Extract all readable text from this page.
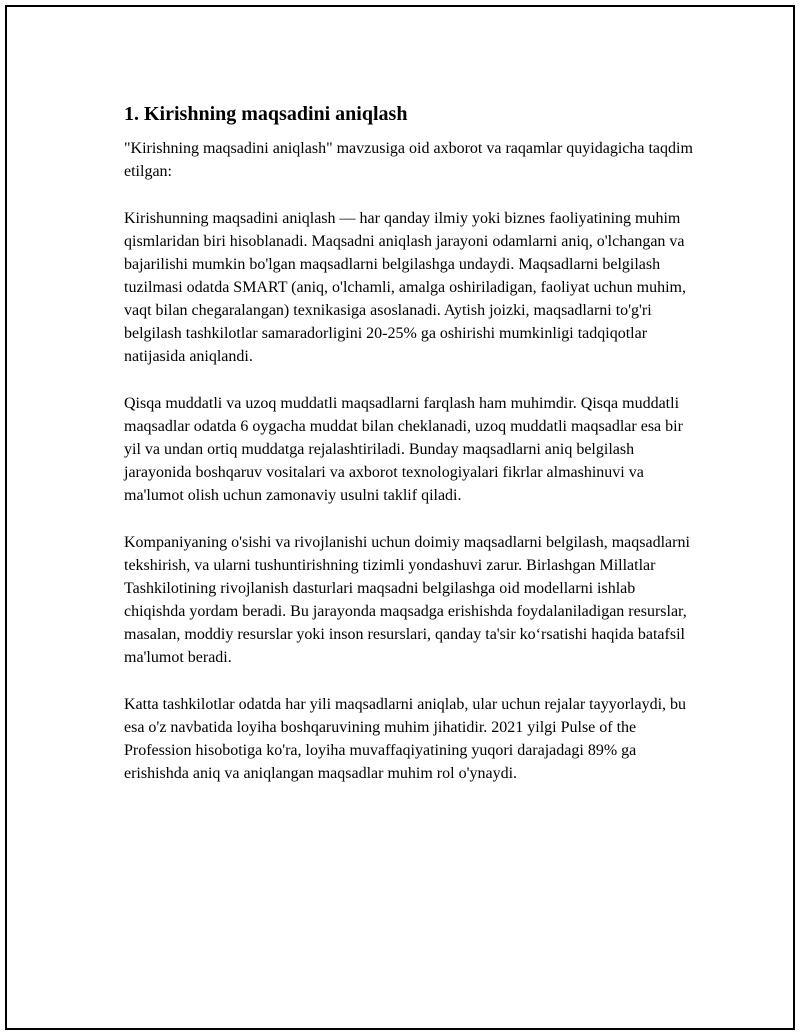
1. Kirishning maqsadini aniqlash

"Kirishning maqsadini aniqlash" mavzusiga oid axborot va raqamlar quyidagicha taqdim etilgan:

Kirishunning maqsadini aniqlash — har qanday ilmiy yoki biznes faoliyatining muhim qismlaridan biri hisoblanadi. Maqsadni aniqlash jarayoni odamlarni aniq, o'lchangan va bajarilishi mumkin bo'lgan maqsadlarni belgilashga undaydi. Maqsadlarni belgilash tuzilmasi odatda SMART (aniq, o'lchamli, amalga oshiriladigan, faoliyat uchun muhim, vaqt bilan chegaralangan) texnikasiga asoslanadi. Aytish joizki, maqsadlarni to'g'ri belgilash tashkilotlar samaradorligini 20-25% ga oshirishi mumkinligi tadqiqotlar natijasida aniqlandi.

Qisqa muddatli va uzoq muddatli maqsadlarni farqlash ham muhimdir. Qisqa muddatli maqsadlar odatda 6 oygacha muddat bilan cheklanadi, uzoq muddatli maqsadlar esa bir yil va undan ortiq muddatga rejalashtiriladi. Bunday maqsadlarni aniq belgilash jarayonida boshqaruv vositalari va axborot texnologiyalari fikrlar almashinuvi va ma'lumot olish uchun zamonaviy usulni taklif qiladi.

Kompaniyaning o'sishi va rivojlanishi uchun doimiy maqsadlarni belgilash, maqsadlarni tekshirish, va ularni tushuntirishning tizimli yondashuvi zarur. Birlashgan Millatlar Tashkilotining rivojlanish dasturlari maqsadni belgilashga oid modellarni ishlab chiqishda yordam beradi. Bu jarayonda maqsadga erishishda foydalaniladigan resurslar, masalan, moddiy resurslar yoki inson resurslari, qanday ta'sir ko‘rsatishi haqida batafsil ma'lumot beradi.

Katta tashkilotlar odatda har yili maqsadlarni aniqlab, ular uchun rejalar tayyorlaydi, bu esa o'z navbatida loyiha boshqaruvining muhim jihatidir. 2021 yilgi Pulse of the Profession hisobotiga ko'ra, loyiha muvaffaqiyatining yuqori darajadagi 89% ga erishishda aniq va aniqlangan maqsadlar muhim rol o'ynaydi.
